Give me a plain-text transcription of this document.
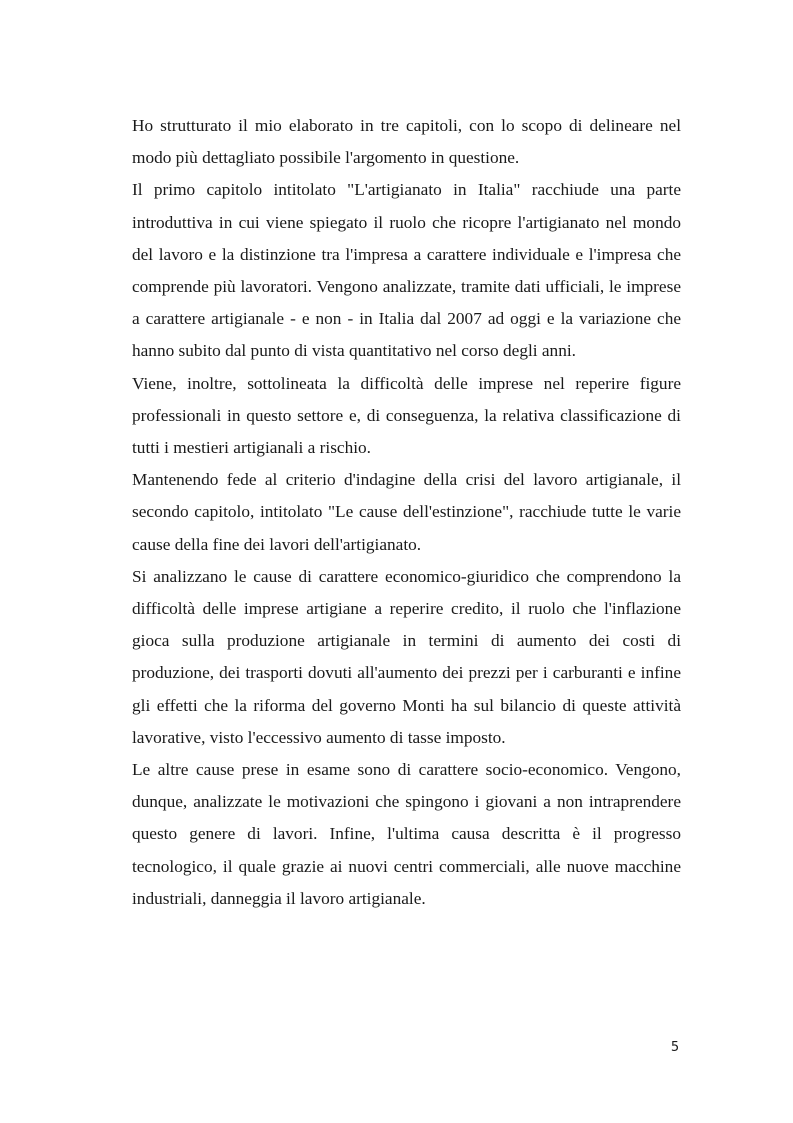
Ho strutturato il mio elaborato in tre capitoli, con lo scopo di delineare nel modo più dettagliato possibile l'argomento in questione.

Il primo capitolo intitolato "L'artigianato in Italia" racchiude una parte introduttiva in cui viene spiegato il ruolo che ricopre l'artigianato nel mondo del lavoro e la distinzione tra l'impresa a carattere individuale e l'impresa che comprende più lavoratori. Vengono analizzate, tramite dati ufficiali, le imprese a carattere artigianale - e non - in Italia dal 2007 ad oggi e la variazione che hanno subito dal punto di vista quantitativo nel corso degli anni.

Viene, inoltre, sottolineata la difficoltà delle imprese nel reperire figure professionali in questo settore e, di conseguenza, la relativa classificazione di tutti i mestieri artigianali a rischio.

Mantenendo fede al criterio d'indagine della crisi del lavoro artigianale, il secondo capitolo, intitolato "Le cause dell'estinzione", racchiude tutte le varie cause della fine dei lavori dell'artigianato.

Si analizzano le cause di carattere economico-giuridico che comprendono la difficoltà delle imprese artigiane a reperire credito, il ruolo che l'inflazione gioca sulla produzione artigianale in termini di aumento dei costi di produzione, dei trasporti dovuti all'aumento dei prezzi per i carburanti e infine gli effetti che la riforma del governo Monti ha sul bilancio di queste attività lavorative, visto l'eccessivo aumento di tasse imposto.

Le altre cause prese in esame sono di carattere socio-economico. Vengono, dunque, analizzate le motivazioni che spingono i giovani a non intraprendere questo genere di lavori. Infine, l'ultima causa descritta è il progresso tecnologico, il quale grazie ai nuovi centri commerciali, alle nuove macchine industriali, danneggia il lavoro artigianale.

5
